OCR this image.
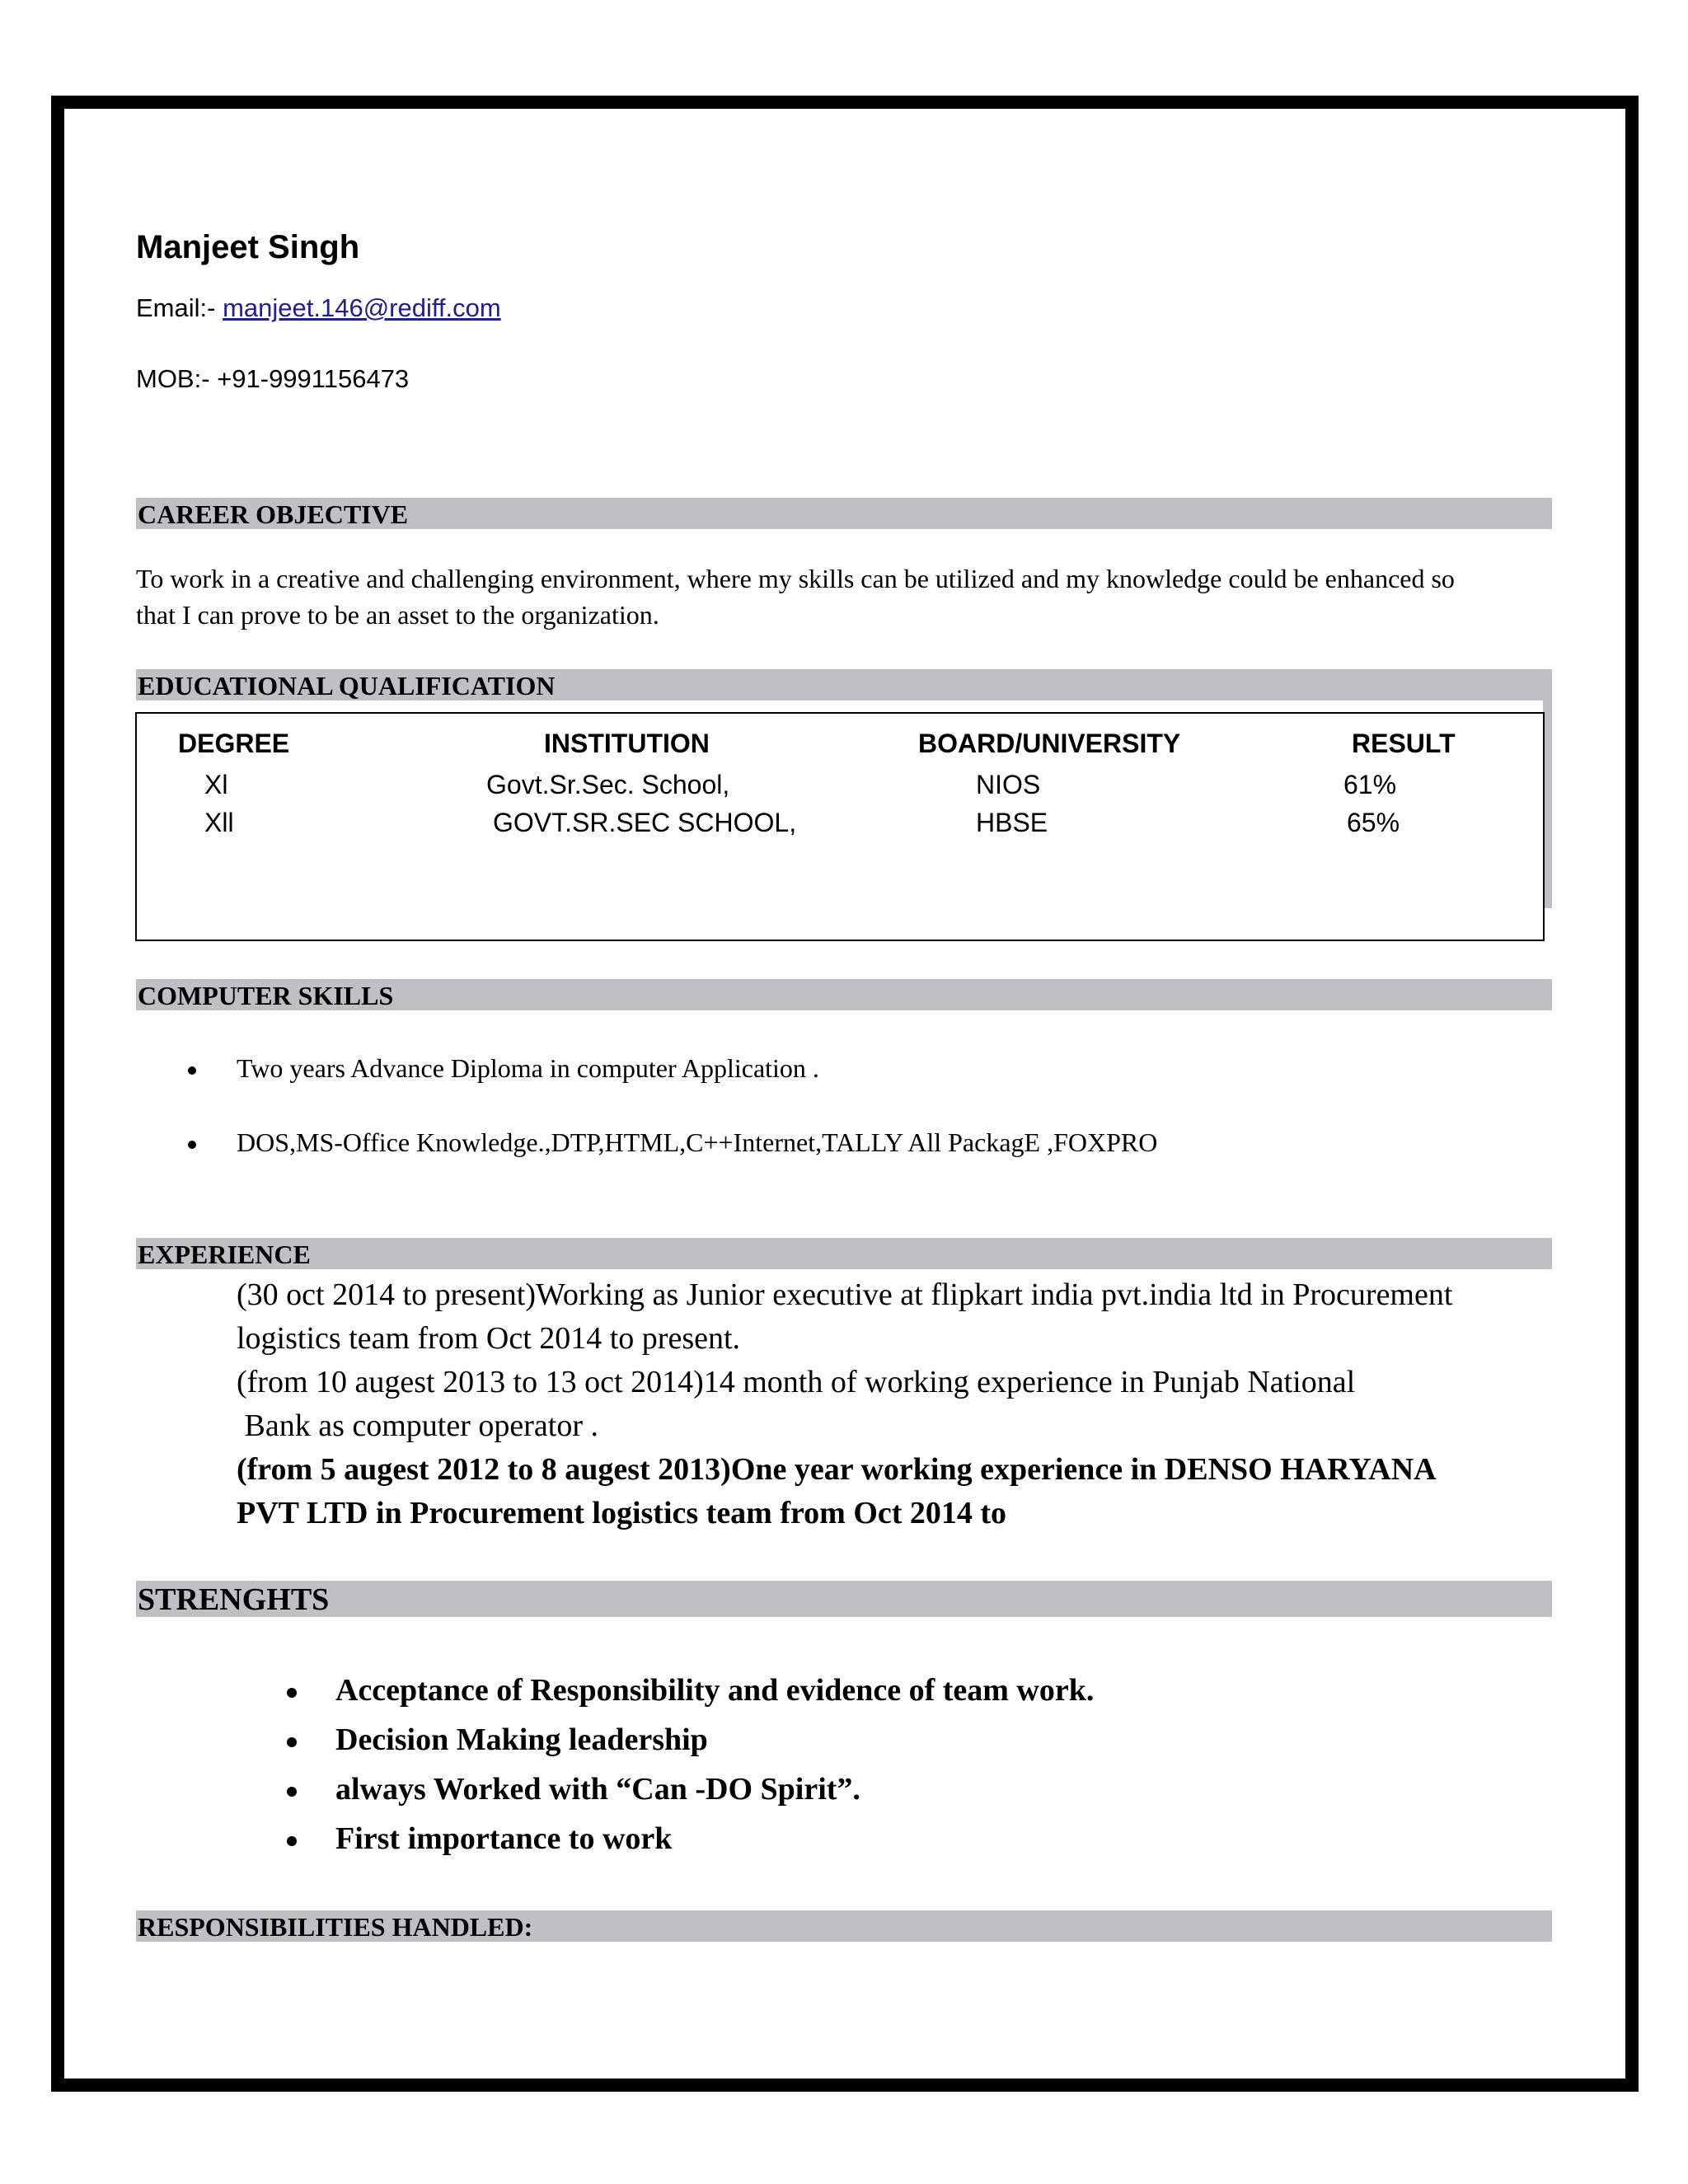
Manjeet Singh
Email:- manjeet.146@rediff.com
MOB:- +91-9991156473
CAREER OBJECTIVE
To work in a creative and challenging environment, where my skills can be utilized and my knowledge could be enhanced so
that I can prove to be an asset to the organization.
EDUCATIONAL QUALIFICATION
DEGREE	INSTITUTION	BOARD/UNIVERSITY	RESULT
Xl	Govt.Sr.Sec. School,	NIOS	61%
Xll	GOVT.SR.SEC SCHOOL,	HBSE	65%
COMPUTER SKILLS
Two years Advance Diploma in computer Application .
DOS,MS-Office Knowledge.,DTP,HTML,C++Internet,TALLY All PackagE ,FOXPRO
EXPERIENCE
(30 oct 2014 to present)Working as Junior executive at flipkart india pvt.india ltd in Procurement
logistics team from Oct 2014 to present.
(from 10 augest 2013 to 13 oct 2014)14 month of working experience in Punjab National
Bank as computer operator .
(from 5 augest 2012 to 8 augest 2013)One year working experience in DENSO HARYANA
PVT LTD in Procurement logistics team from Oct 2014 to
STRENGHTS
Acceptance of Responsibility and evidence of team work.
Decision Making leadership
always Worked with “Can -DO Spirit”.
First importance to work
RESPONSIBILITIES HANDLED:
